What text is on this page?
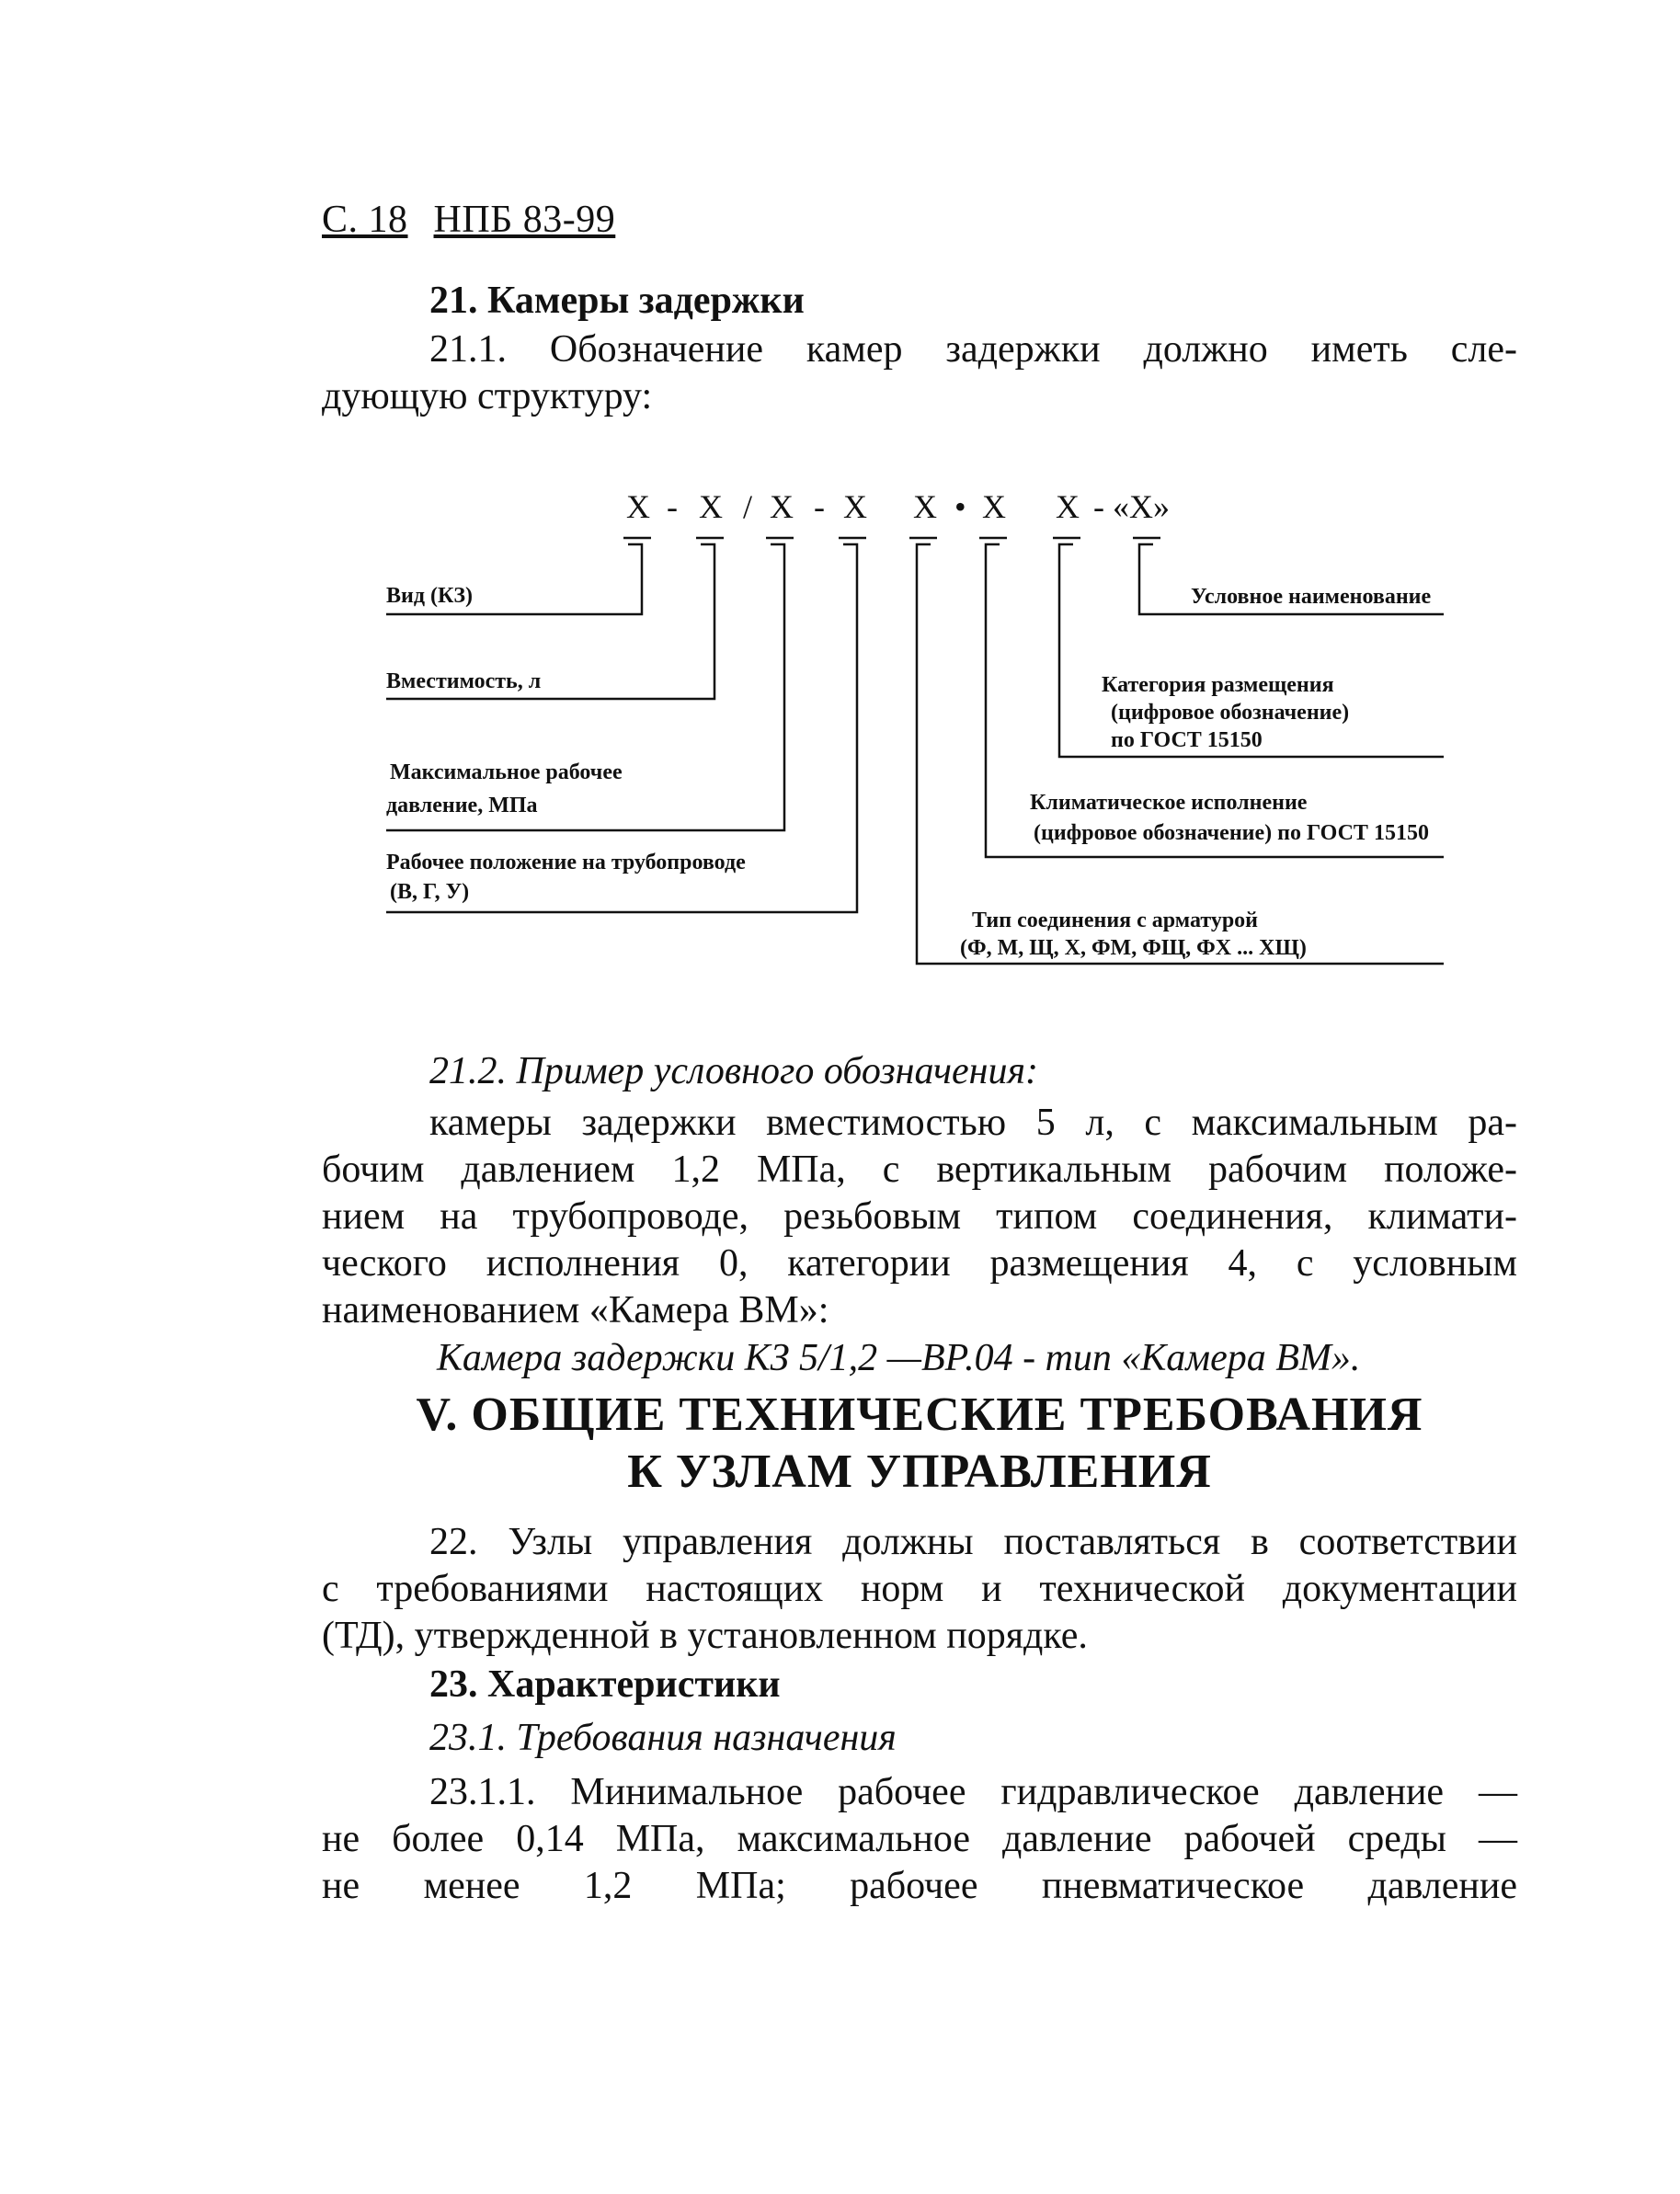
С. 18 НПБ 83-99
21. Камеры задержки
21.1. Обозначение камер задержки должно иметь сле-
дующую структуру:
Х - Х / Х - Х Х • Х Х - «Х»
Вид (КЗ)
Вместимость, л
Максимальное рабочее
давление, МПа
Рабочее положение на трубопроводе
(В, Г, У)
Условное наименование
Категория размещения
(цифровое обозначение)
по ГОСТ 15150
Климатическое исполнение
(цифровое обозначение) по ГОСТ 15150
Тип соединения с арматурой
(Ф, М, Щ, Х, ФМ, ФЩ, ФХ ... ХЩ)
21.2. Пример условного обозначения:
камеры задержки вместимостью 5 л, с максимальным ра-
бочим давлением 1,2 МПа, с вертикальным рабочим положе-
нием на трубопроводе, резьбовым типом соединения, климати-
ческого исполнения 0, категории размещения 4, с условным
наименованием «Камера ВМ»:
Камера задержки КЗ 5/1,2 —ВР.04 - тип «Камера ВМ».
V. ОБЩИЕ ТЕХНИЧЕСКИЕ ТРЕБОВАНИЯ
К УЗЛАМ УПРАВЛЕНИЯ
22. Узлы управления должны поставляться в соответствии
с требованиями настоящих норм и технической документации
(ТД), утвержденной в установленном порядке.
23. Характеристики
23.1. Требования назначения
23.1.1. Минимальное рабочее гидравлическое давление —
не более 0,14 МПа, максимальное давление рабочей среды —
не менее 1,2 МПа; рабочее пневматическое давление
